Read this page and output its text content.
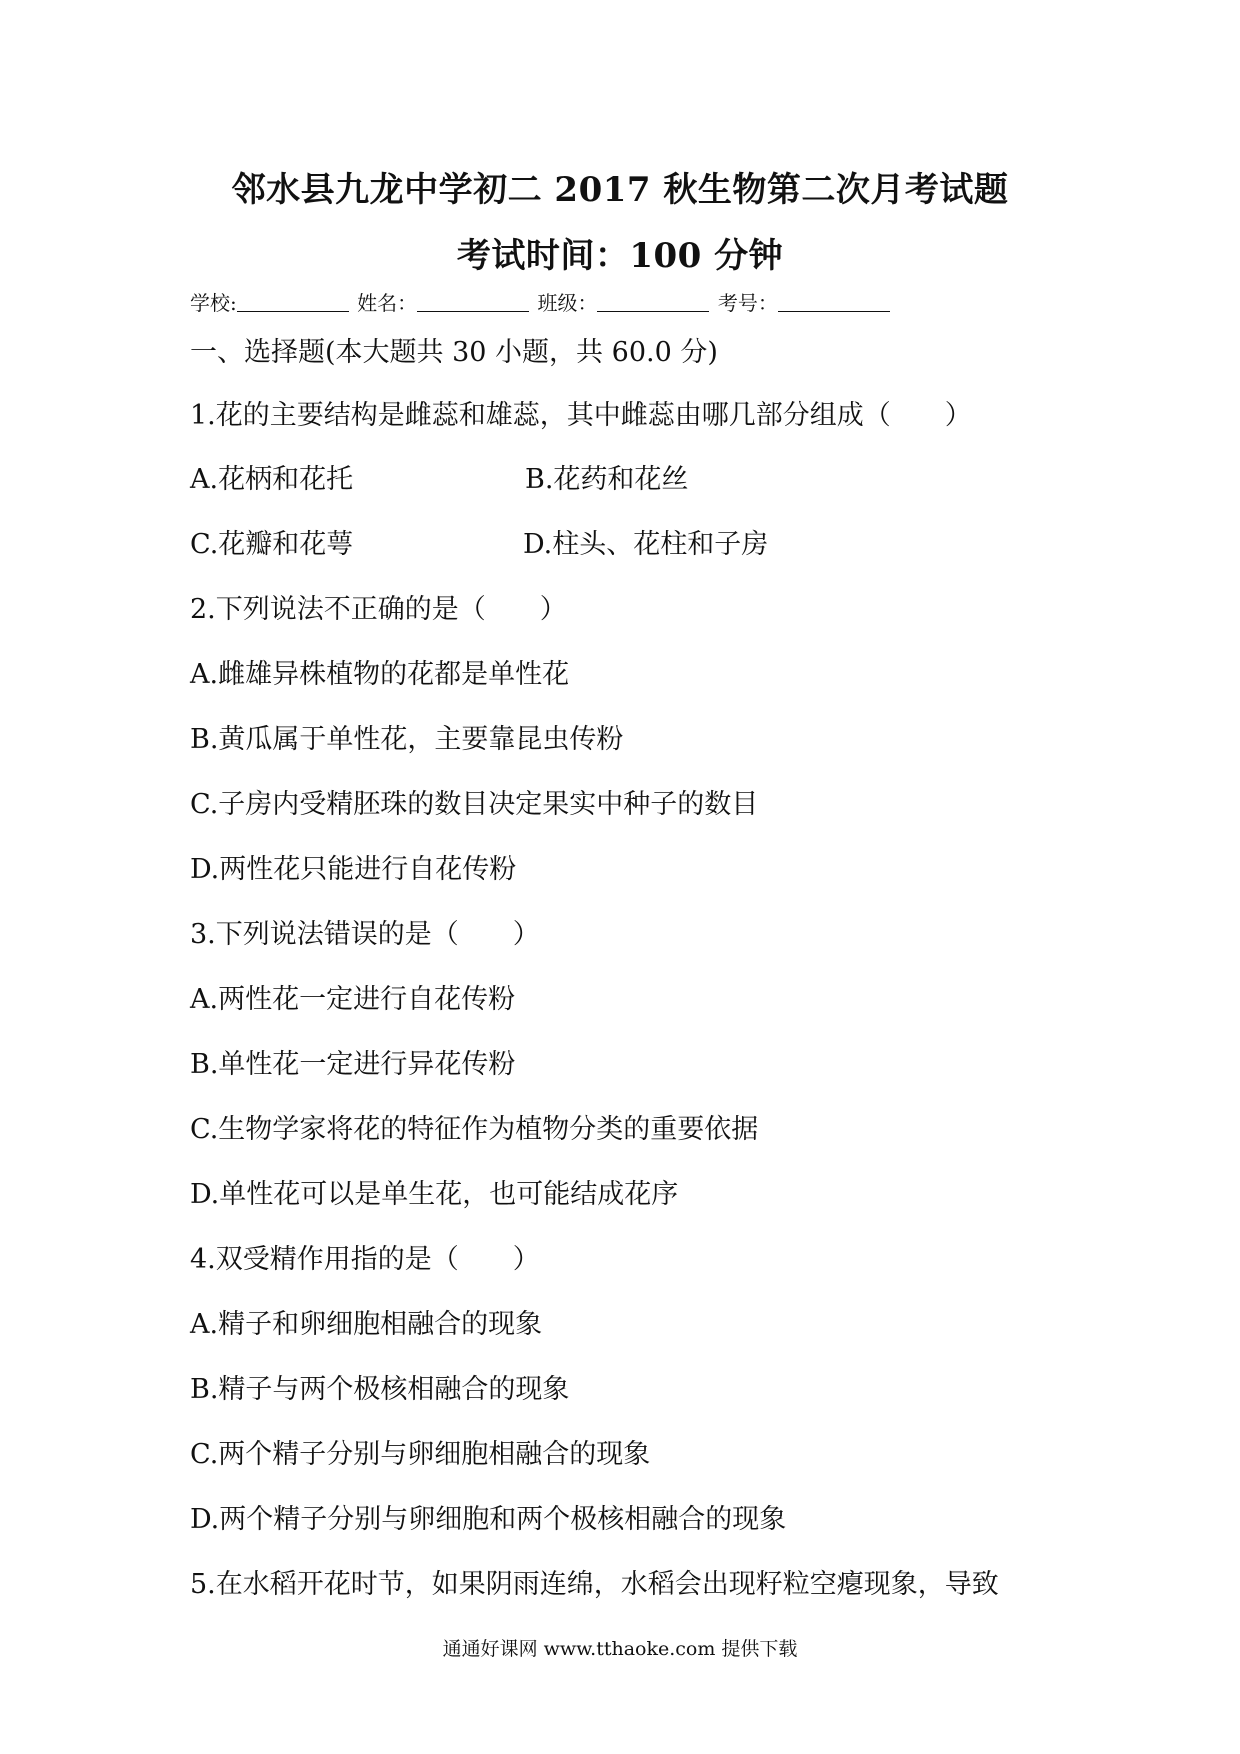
邻水县九龙中学初二 2017 秋生物第二次月考试题
考试时间：100 分钟
学校:	姓名：	班级：	考号：
一、选择题(本大题共 30 小题，共 60.0 分)
1.花的主要结构是雌蕊和雄蕊，其中雌蕊由哪几部分组成（　　）
A.花柄和花托	B.花药和花丝
C.花瓣和花萼	D.柱头、花柱和子房
2.下列说法不正确的是（　　）
A.雌雄异株植物的花都是单性花
B.黄瓜属于单性花，主要靠昆虫传粉
C.子房内受精胚珠的数目决定果实中种子的数目
D.两性花只能进行自花传粉
3.下列说法错误的是（　　）
A.两性花一定进行自花传粉
B.单性花一定进行异花传粉
C.生物学家将花的特征作为植物分类的重要依据
D.单性花可以是单生花，也可能结成花序
4.双受精作用指的是（　　）
A.精子和卵细胞相融合的现象
B.精子与两个极核相融合的现象
C.两个精子分别与卵细胞相融合的现象
D.两个精子分别与卵细胞和两个极核相融合的现象
5.在水稻开花时节，如果阴雨连绵，水稻会出现籽粒空瘪现象，导致
通通好课网 www.tthaoke.com 提供下载
